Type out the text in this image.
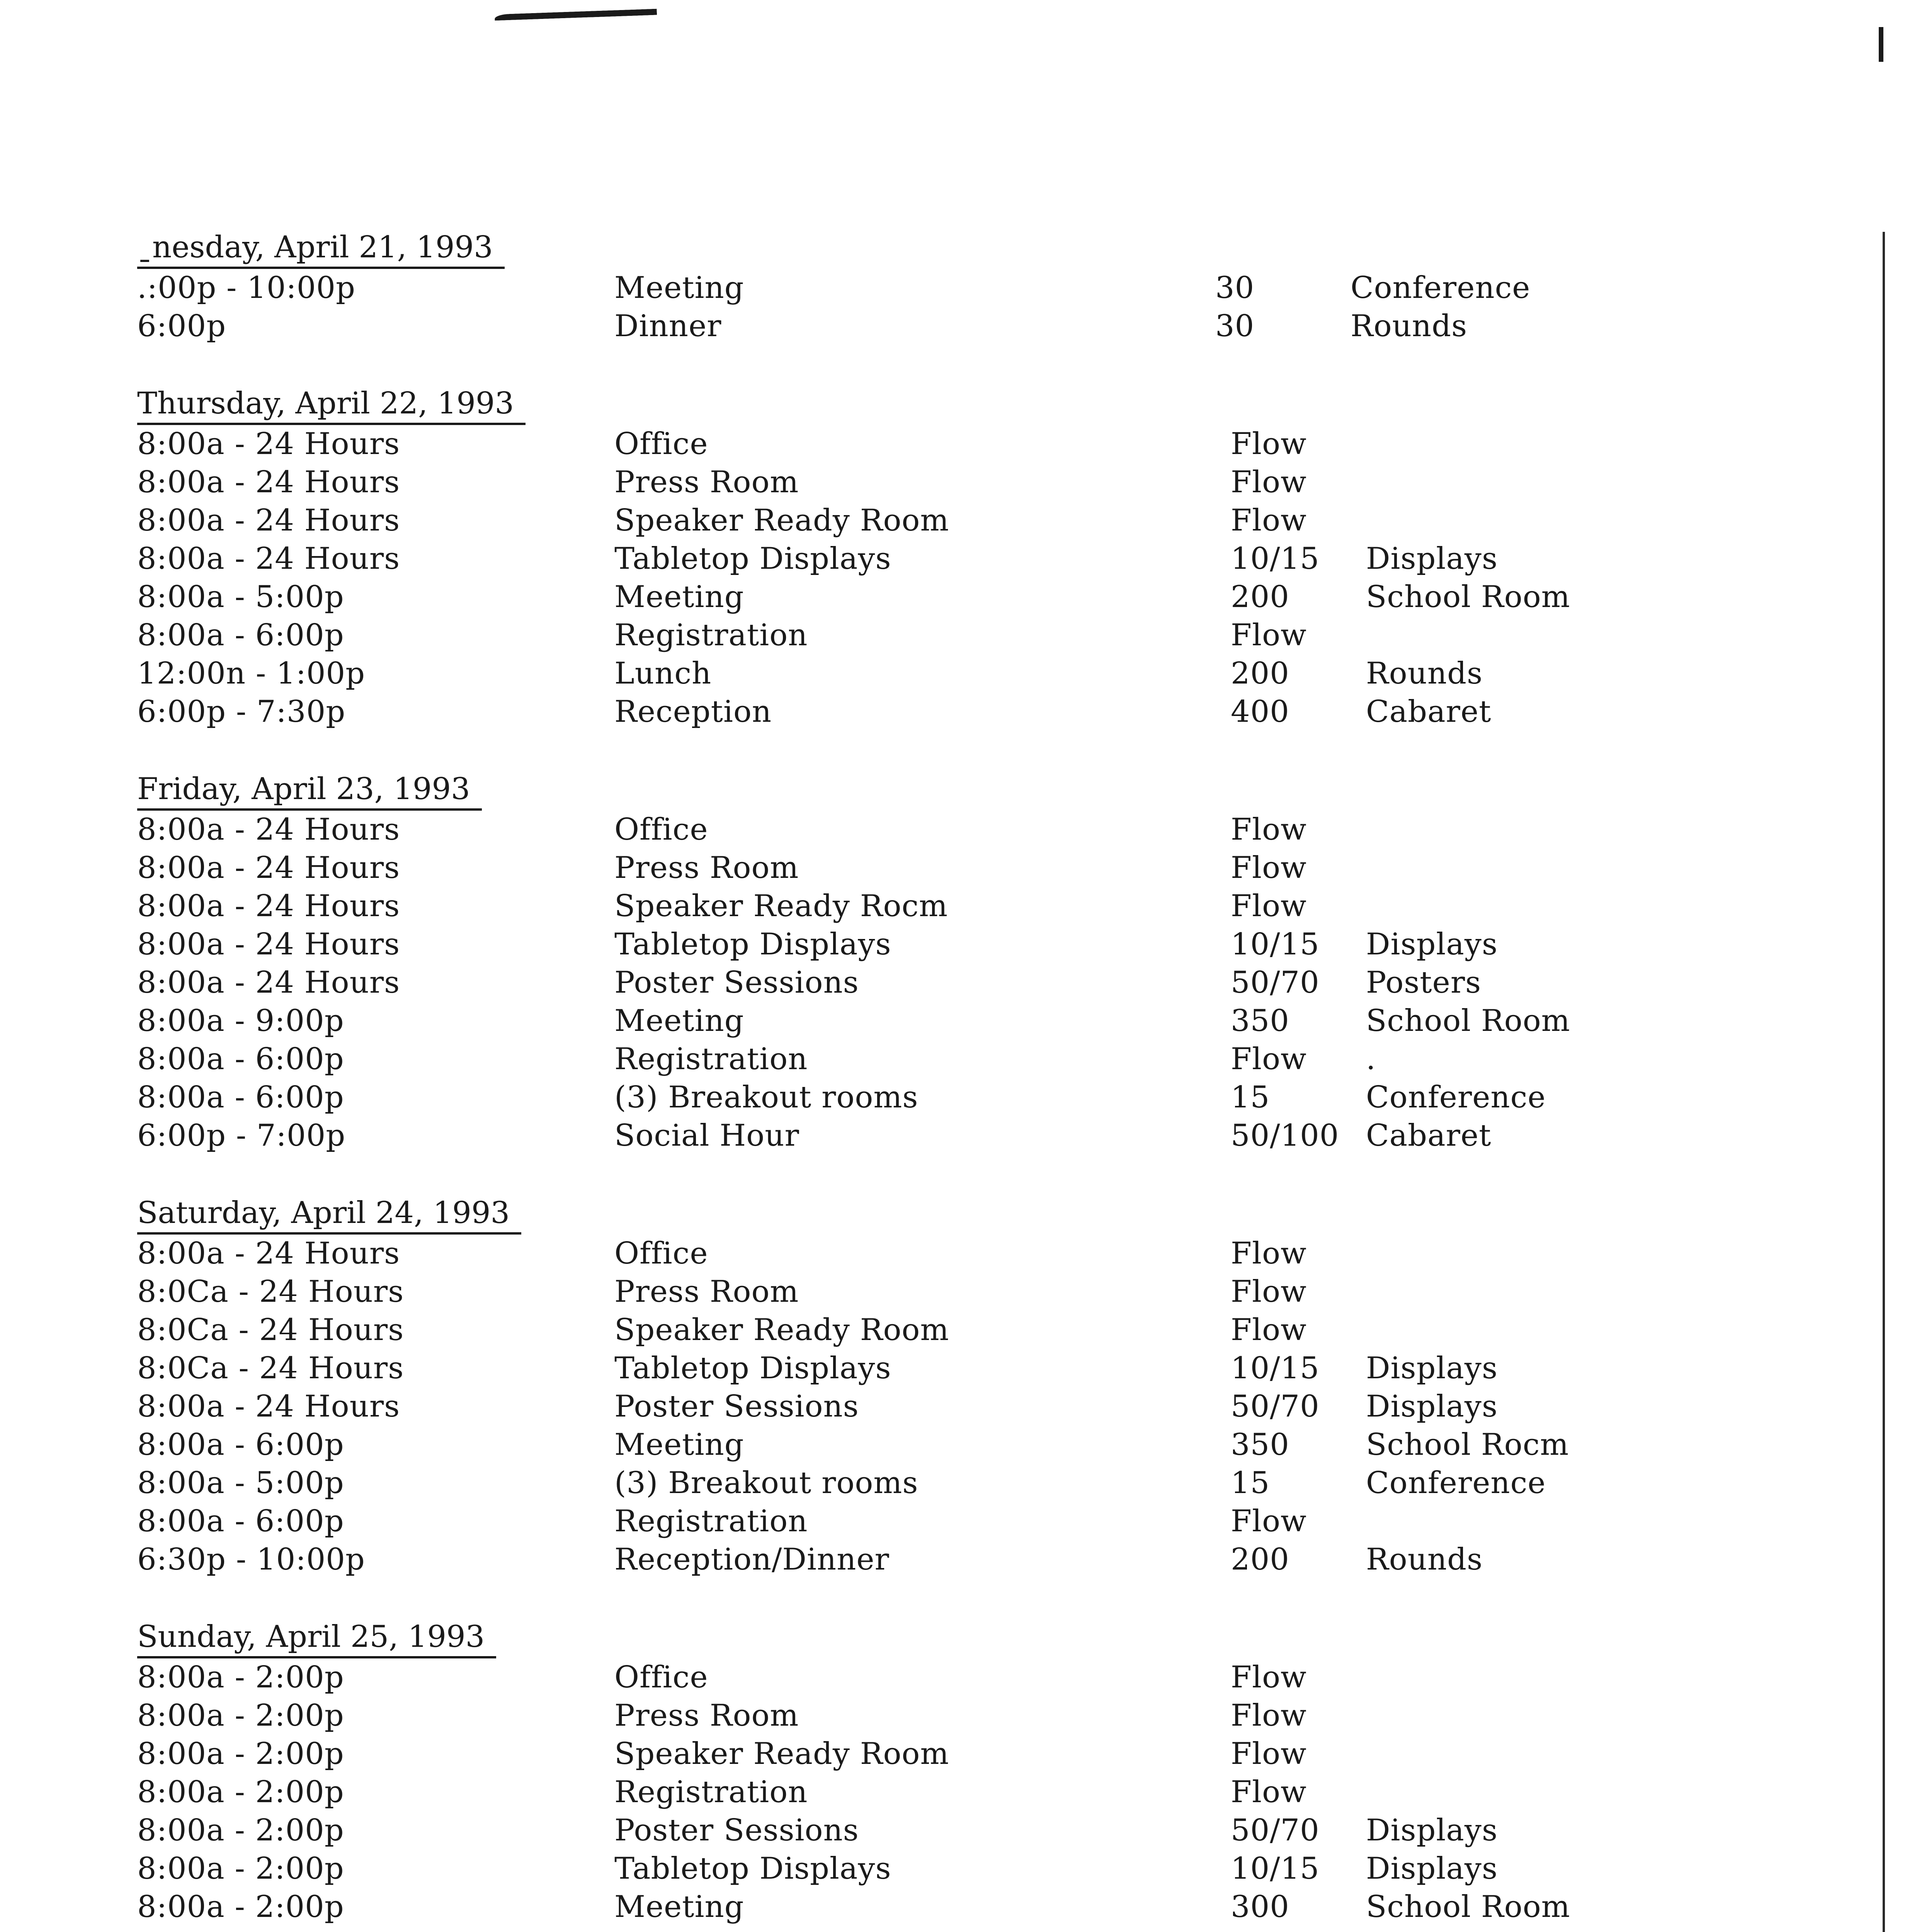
ˍnesday, April 21, 1993
.:00p - 10:00p	Meeting	30	Conference
6:00p	Dinner	30	Rounds
Thursday, April 22, 1993
8:00a - 24 Hours	Office	Flow
8:00a - 24 Hours	Press Room	Flow
8:00a - 24 Hours	Speaker Ready Room	Flow
8:00a - 24 Hours	Tabletop Displays	10/15 Displays
8:00a - 5:00p	Meeting	200	School Room
8:00a - 6:00p	Registration	Flow
12:00n - 1:00p	Lunch	200	Rounds
6:00p - 7:30p	Reception	400	Cabaret
Friday, April 23, 1993
8:00a - 24 Hours	Office	Flow
8:00a - 24 Hours	Press Room	Flow
8:00a - 24 Hours	Speaker Ready Rocm	Flow
8:00a - 24 Hours	Tabletop Displays	10/15 Displays
8:00a - 24 Hours	Poster Sessions	50/70 Posters
8:00a - 9:00p	Meeting	350	School Room
8:00a - 6:00p	Registration	Flow .
8:00a - 6:00p	(3) Breakout rooms	15	Conference
6:00p - 7:00p	Social Hour	50/100 Cabaret
Saturday, April 24, 1993
8:00a - 24 Hours	Office	Flow
8:0Ca - 24 Hours	Press Room	Flow
8:0Ca - 24 Hours	Speaker Ready Room	Flow
8:0Ca - 24 Hours	Tabletop Displays	10/15 Displays
8:00a - 24 Hours	Poster Sessions	50/70 Displays
8:00a - 6:00p	Meeting	350	School Rocm
8:00a - 5:00p	(3) Breakout rooms	15	Conference
8:00a - 6:00p	Registration	Flow
6:30p - 10:00p	Reception/Dinner	200	Rounds
Sunday, April 25, 1993
8:00a - 2:00p	Office	Flow
8:00a - 2:00p	Press Room	Flow
8:00a - 2:00p	Speaker Ready Room	Flow
8:00a - 2:00p	Registration	Flow
8:00a - 2:00p	Poster Sessions	50/70 Displays
8:00a - 2:00p	Tabletop Displays	10/15 Displays
8:00a - 2:00p	Meeting	300	School Room
